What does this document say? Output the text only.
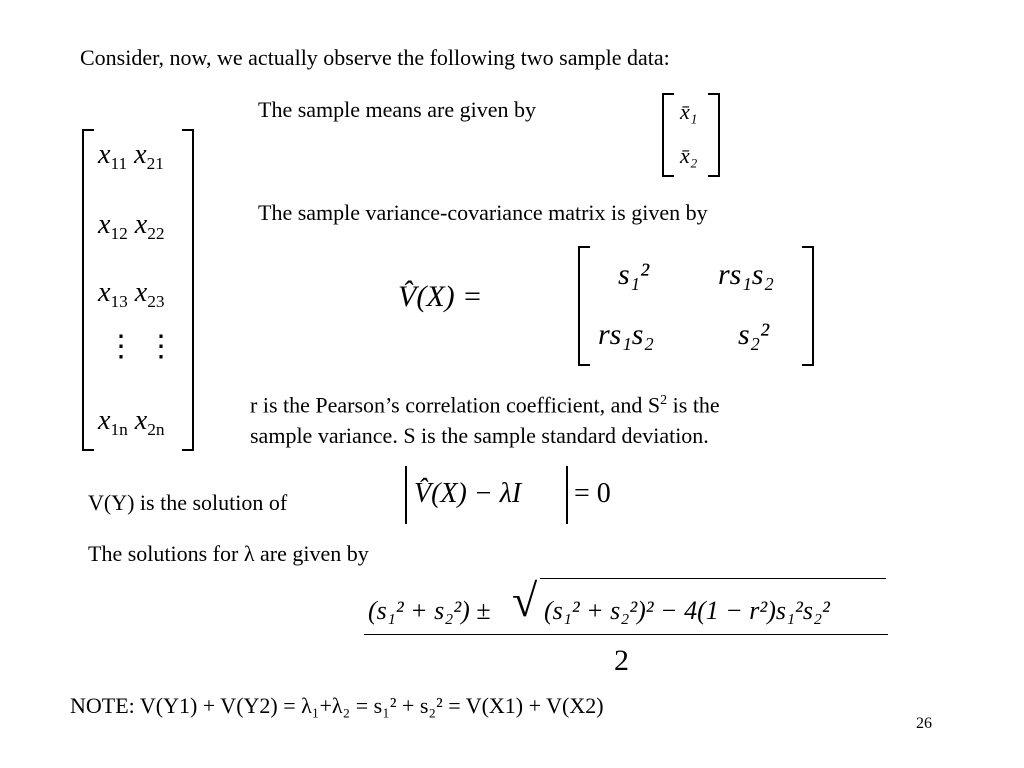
Consider, now, we actually observe the following two sample data:
$x_{11}$ $x_{21}$
$x_{12}$ $x_{22}$
$x_{13}$ $x_{23}$
⋮ ⋮
$x_{1n}$ $x_{2n}$
The sample means are given by	x̄₁
x̄₂
The sample variance-covariance matrix is given by
V̂(X) =
s₁² rs₁s₂
rs₁s₂	s₂²
r is the Pearson’s correlation coefficient, and $S^2$ is the
sample variance. S is the sample standard deviation.
V(Y) is the solution of	V̂(X) − λI = 0
The solutions for λ are given by
(s₁² + s₂²) ± √ (s₁² + s₂²)² − 4(1 − r²)s₁²s₂²
2
NOTE: V(Y1) + V(Y2) = λ₁+λ₂ = s₁² + s₂² = V(X1) + V(X2)
26
